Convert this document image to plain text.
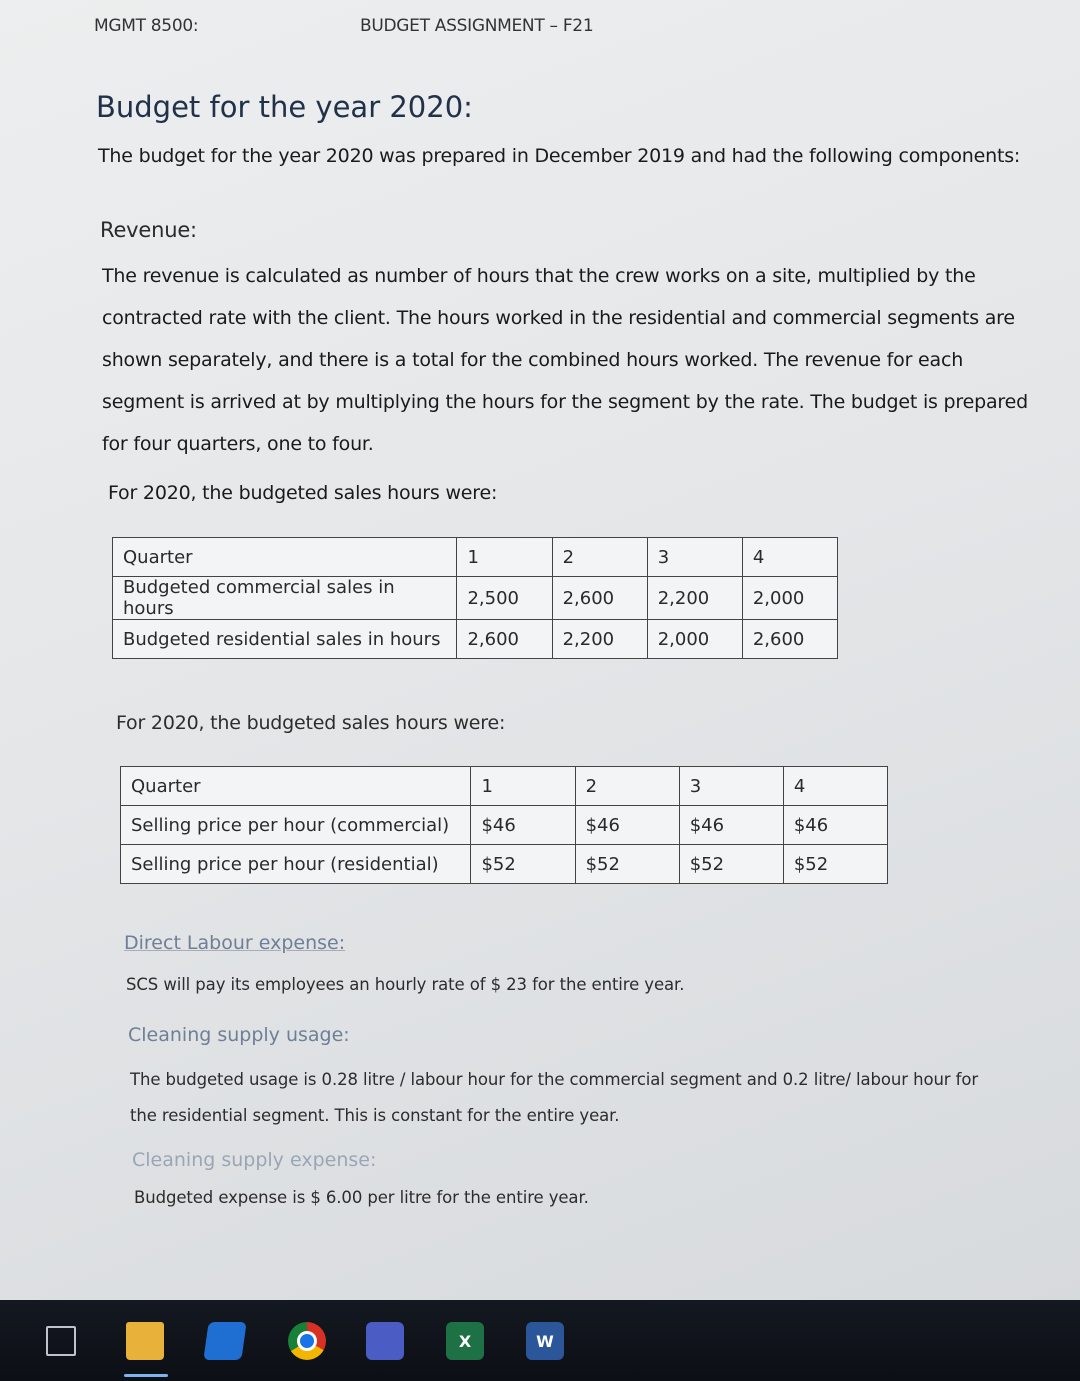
MGMT 8500:	BUDGET ASSIGNMENT – F21
Budget for the year 2020:
The budget for the year 2020 was prepared in December 2019 and had the following components:
Revenue:
The revenue is calculated as number of hours that the crew works on a site, multiplied by the contracted rate with the client. The hours worked in the residential and commercial segments are shown separately, and there is a total for the combined hours worked. The revenue for each segment is arrived at by multiplying the hours for the segment by the rate. The budget is prepared for four quarters, one to four.
For 2020, the budgeted sales hours were:
Quarter	1	2	3	4
Budgeted commercial sales in hours	2,500	2,600	2,200	2,000
Budgeted residential sales in hours	2,600	2,200	2,000	2,600
For 2020, the budgeted sales hours were:
Quarter	1	2	3	4
Selling price per hour (commercial)	$46	$46	$46	$46
Selling price per hour (residential)	$52	$52	$52	$52
Direct Labour expense:
SCS will pay its employees an hourly rate of $ 23 for the entire year.
Cleaning supply usage:
The budgeted usage is 0.28 litre / labour hour for the commercial segment and 0.2 litre/ labour hour for the residential segment. This is constant for the entire year.
Cleaning supply expense:
Budgeted expense is $ 6.00 per litre for the entire year.
X	W
